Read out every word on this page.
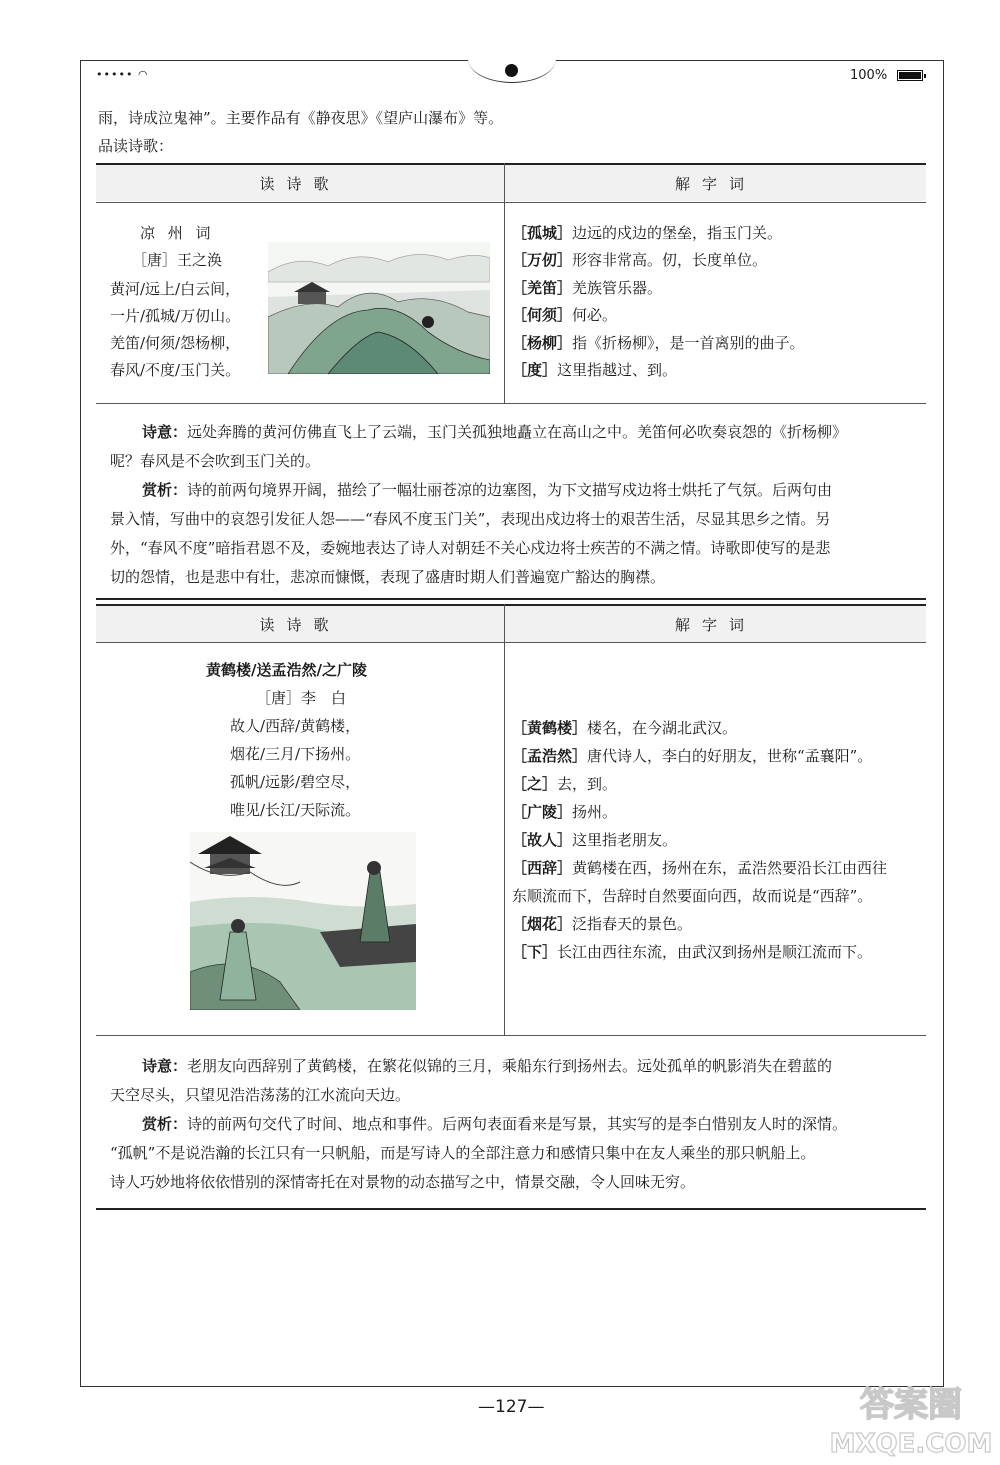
••••• ◠	100%
雨，诗成泣鬼神”。主要作品有《静夜思》《望庐山瀑布》等。
品读诗歌：
读诗歌	解字词
凉 州 词
［唐］王之涣
黄河/远上/白云间，
一片/孤城/万仞山。
羌笛/何须/怨杨柳，
春风/不度/玉门关。
［孤城］边远的戍边的堡垒，指玉门关。
［万仞］形容非常高。仞，长度单位。
［羌笛］羌族管乐器。
［何须］何必。
［杨柳］指《折杨柳》，是一首离别的曲子。
［度］这里指越过、到。
诗意：远处奔腾的黄河仿佛直飞上了云端，玉门关孤独地矗立在高山之中。羌笛何必吹奏哀怨的《折杨柳》
呢？春风是不会吹到玉门关的。
赏析：诗的前两句境界开阔，描绘了一幅壮丽苍凉的边塞图，为下文描写戍边将士烘托了气氛。后两句由
景入情，写曲中的哀怨引发征人怨——“春风不度玉门关”，表现出戍边将士的艰苦生活，尽显其思乡之情。另
外，“春风不度”暗指君恩不及，委婉地表达了诗人对朝廷不关心戍边将士疾苦的不满之情。诗歌即使写的是悲
切的怨情，也是悲中有壮，悲凉而慷慨，表现了盛唐时期人们普遍宽广豁达的胸襟。
读诗歌	解字词
黄鹤楼/送孟浩然/之广陵
［唐］李　白
故人/西辞/黄鹤楼，
烟花/三月/下扬州。
孤帆/远影/碧空尽，
唯见/长江/天际流。
［黄鹤楼］楼名，在今湖北武汉。
［孟浩然］唐代诗人，李白的好朋友，世称“孟襄阳”。
［之］去，到。
［广陵］扬州。
［故人］这里指老朋友。
［西辞］黄鹤楼在西，扬州在东，孟浩然要沿长江由西往
东顺流而下，告辞时自然要面向西，故而说是“西辞”。
［烟花］泛指春天的景色。
［下］长江由西往东流，由武汉到扬州是顺江流而下。
诗意：老朋友向西辞别了黄鹤楼，在繁花似锦的三月，乘船东行到扬州去。远处孤单的帆影消失在碧蓝的
天空尽头，只望见浩浩荡荡的江水流向天边。
赏析：诗的前两句交代了时间、地点和事件。后两句表面看来是写景，其实写的是李白惜别友人时的深情。
“孤帆”不是说浩瀚的长江只有一只帆船，而是写诗人的全部注意力和感情只集中在友人乘坐的那只帆船上。
诗人巧妙地将依依惜别的深情寄托在对景物的动态描写之中，情景交融，令人回味无穷。
—127—	答案圈
MXQE.COM
